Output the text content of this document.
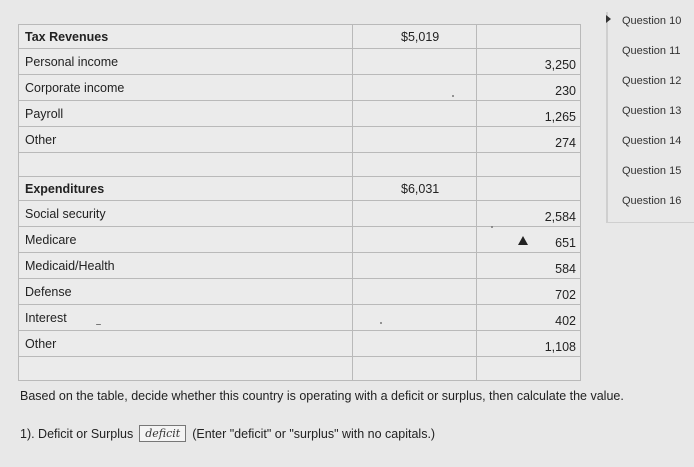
Tax Revenues	$5,019	
Personal income		3,250
Corporate income		230
Payroll		1,265
Other		274

Expenditures	$6,031	
Social security		2,584
Medicare		651
Medicaid/Health		584
Defense		702
Interest		402
Other		1,108

Question 10
Question 11
Question 12
Question 13
Question 14
Question 15
Question 16
Based on the table, decide whether this country is operating with a deficit or surplus, then calculate the value.
1). Deficit or Surplus	deficit (Enter "deficit" or "surplus" with no capitals.)
